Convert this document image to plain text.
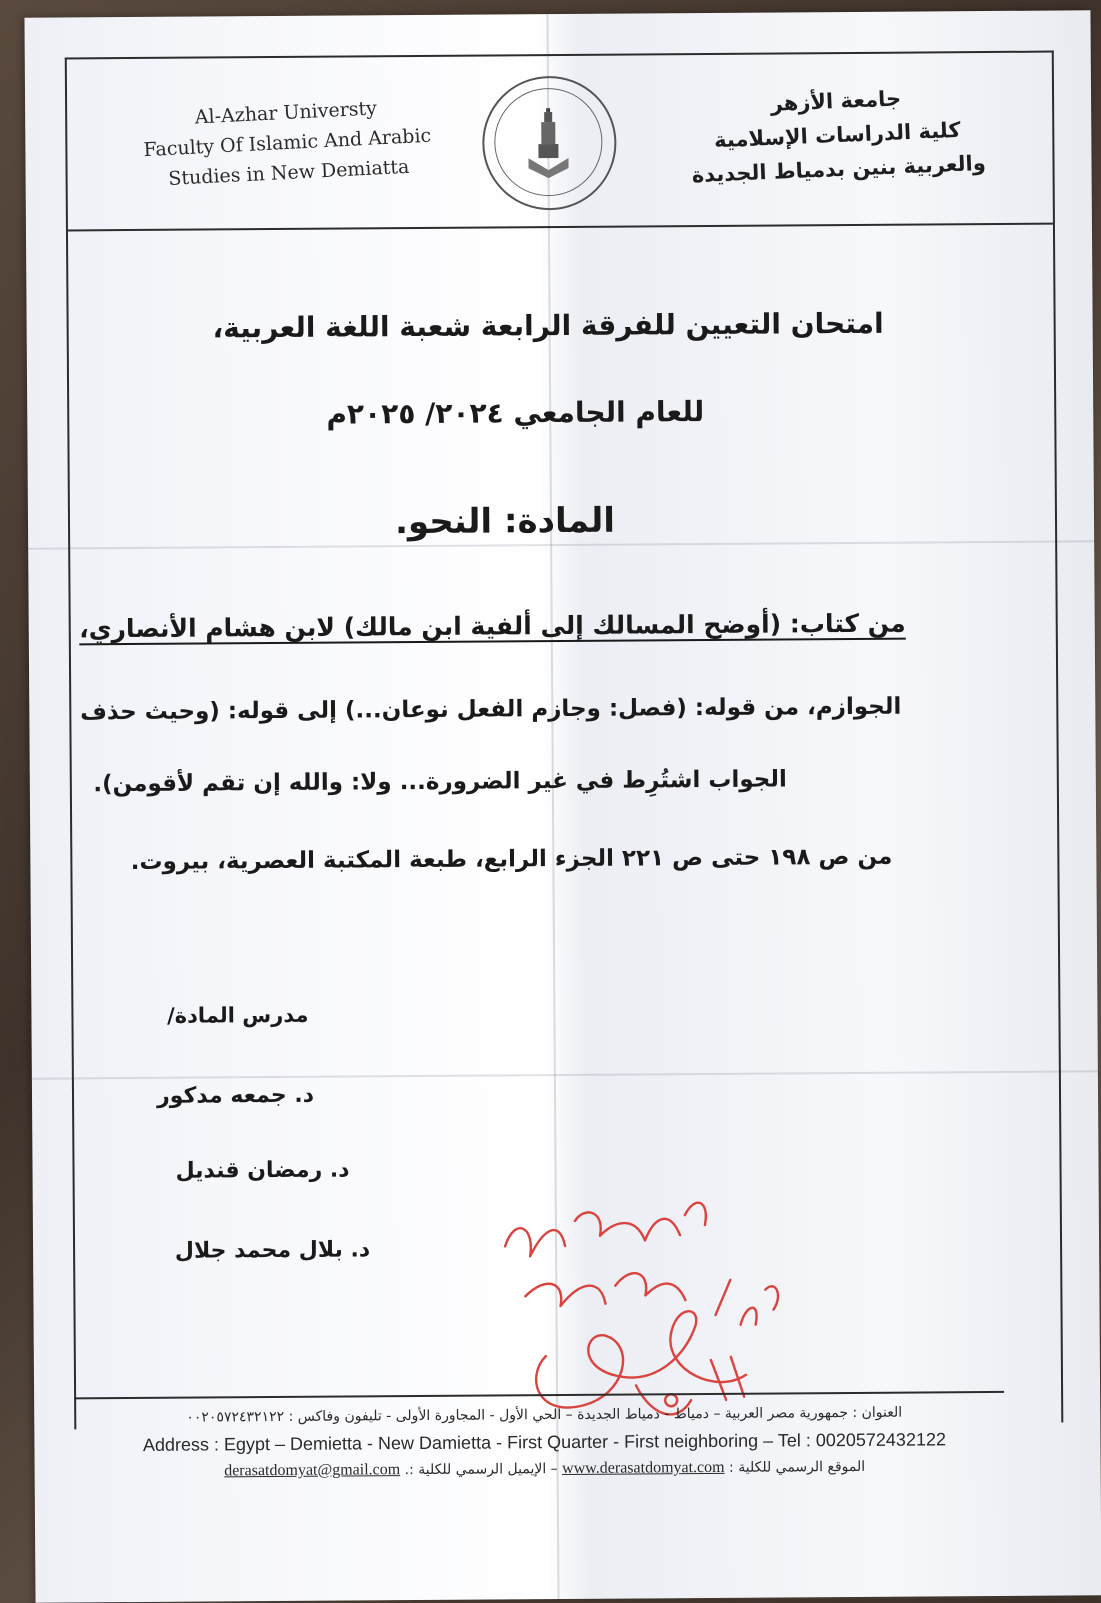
Al-Azhar Universty
Faculty Of Islamic And Arabic
Studies in New Demiatta
جامعة الأزهر
كلية الدراسات الإسلامية
والعربية بنين بدمياط الجديدة
امتحان التعيين للفرقة الرابعة شعبة اللغة العربية،
للعام الجامعي ٢٠٢٤/ ٢٠٢٥م
المادة: النحو.
من كتاب: (أوضح المسالك إلى ألفية ابن مالك) لابن هشام الأنصاري،
الجوازم، من قوله: (فصل: وجازم الفعل نوعان...) إلى قوله: (وحيث حذف
الجواب اشتُرِط في غير الضرورة... ولا: والله إن تقم لأقومن).
من ص ١٩٨ حتى ص ٢٢١ الجزء الرابع، طبعة المكتبة العصرية، بيروت.
مدرس المادة/
د. جمعه مدكور
د. رمضان قنديل
د. بلال محمد جلال
العنوان : جمهورية مصر العربية – دمياط - دمياط الجديدة – الحي الأول - المجاورة الأولى - تليفون وفاكس : ٠٠٢٠٥٧٢٤٣٢١٢٢
Address : Egypt – Demietta - New Damietta - First Quarter - First neighboring – Tel : 0020572432122
الموقع الرسمي للكلية : www.derasatdomyat.com – الإيميل الرسمي للكلية :. derasatdomyat@gmail.com
